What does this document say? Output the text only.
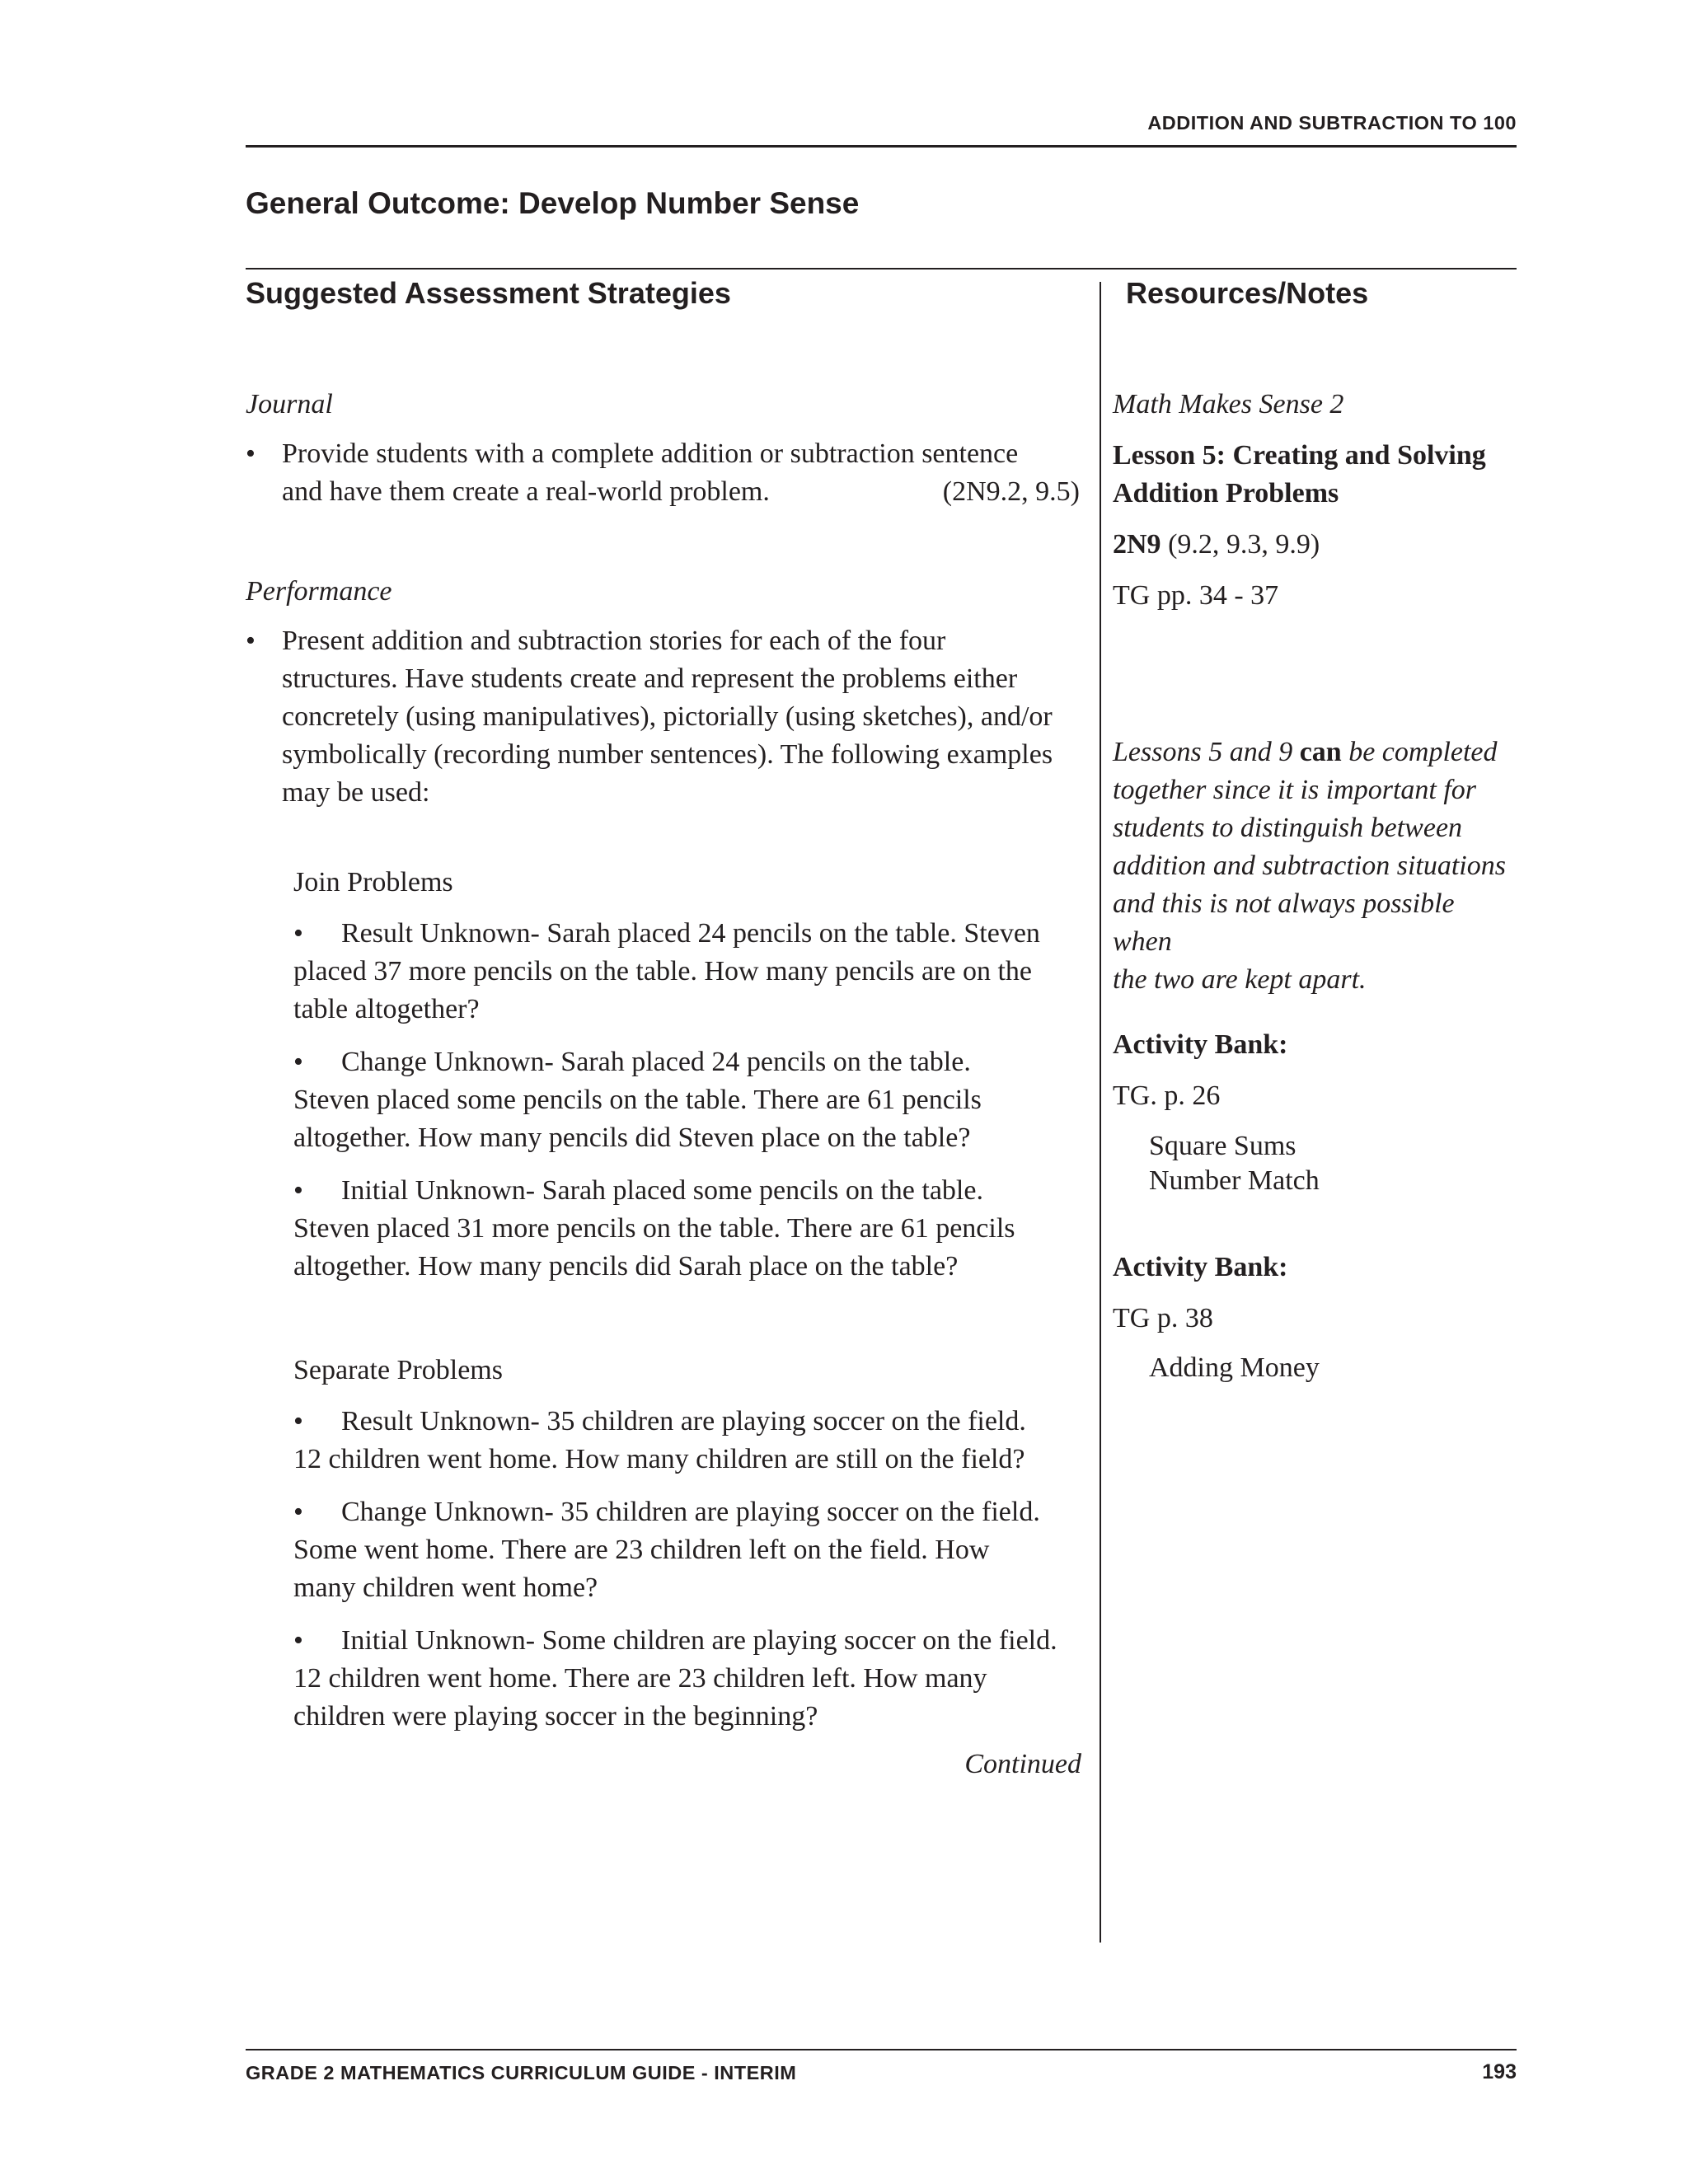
ADDITION AND SUBTRACTION TO 100
General Outcome: Develop Number Sense
Suggested Assessment Strategies	Resources/Notes
Journal
• Provide students with a complete addition or subtraction sentence
(2N9.2, 9.5)
and have them create a real-world problem.
Performance
• Present addition and subtraction stories for each of the four
structures. Have students create and represent the problems either
concretely (using manipulatives), pictorially (using sketches), and/or
symbolically (recording number sentences). The following examples
may be used:
Join Problems
• Result Unknown- Sarah placed 24 pencils on the table. Steven
placed 37 more pencils on the table. How many pencils are on the
table altogether?
• Change Unknown- Sarah placed 24 pencils on the table.
Steven placed some pencils on the table. There are 61 pencils
altogether. How many pencils did Steven place on the table?
• Initial Unknown- Sarah placed some pencils on the table.
Steven placed 31 more pencils on the table. There are 61 pencils
altogether. How many pencils did Sarah place on the table?
Separate Problems
• Result Unknown- 35 children are playing soccer on the field.
12 children went home. How many children are still on the field?
• Change Unknown- 35 children are playing soccer on the field.
Some went home. There are 23 children left on the field. How
many children went home?
• Initial Unknown- Some children are playing soccer on the field.
12 children went home. There are 23 children left. How many
children were playing soccer in the beginning?
Continued
Math Makes Sense 2
Lesson 5: Creating and Solving
Addition Problems
2N9 (9.2, 9.3, 9.9)
TG pp. 34 - 37
Lessons 5 and 9 can be completed
together since it is important for
students to distinguish between
addition and subtraction situations
and this is not always possible when
the two are kept apart.
Activity Bank:
TG. p. 26
Square Sums
Number Match
Activity Bank:
TG p. 38
Adding Money
GRADE 2 MATHEMATICS CURRICULUM GUIDE - INTERIM	193
